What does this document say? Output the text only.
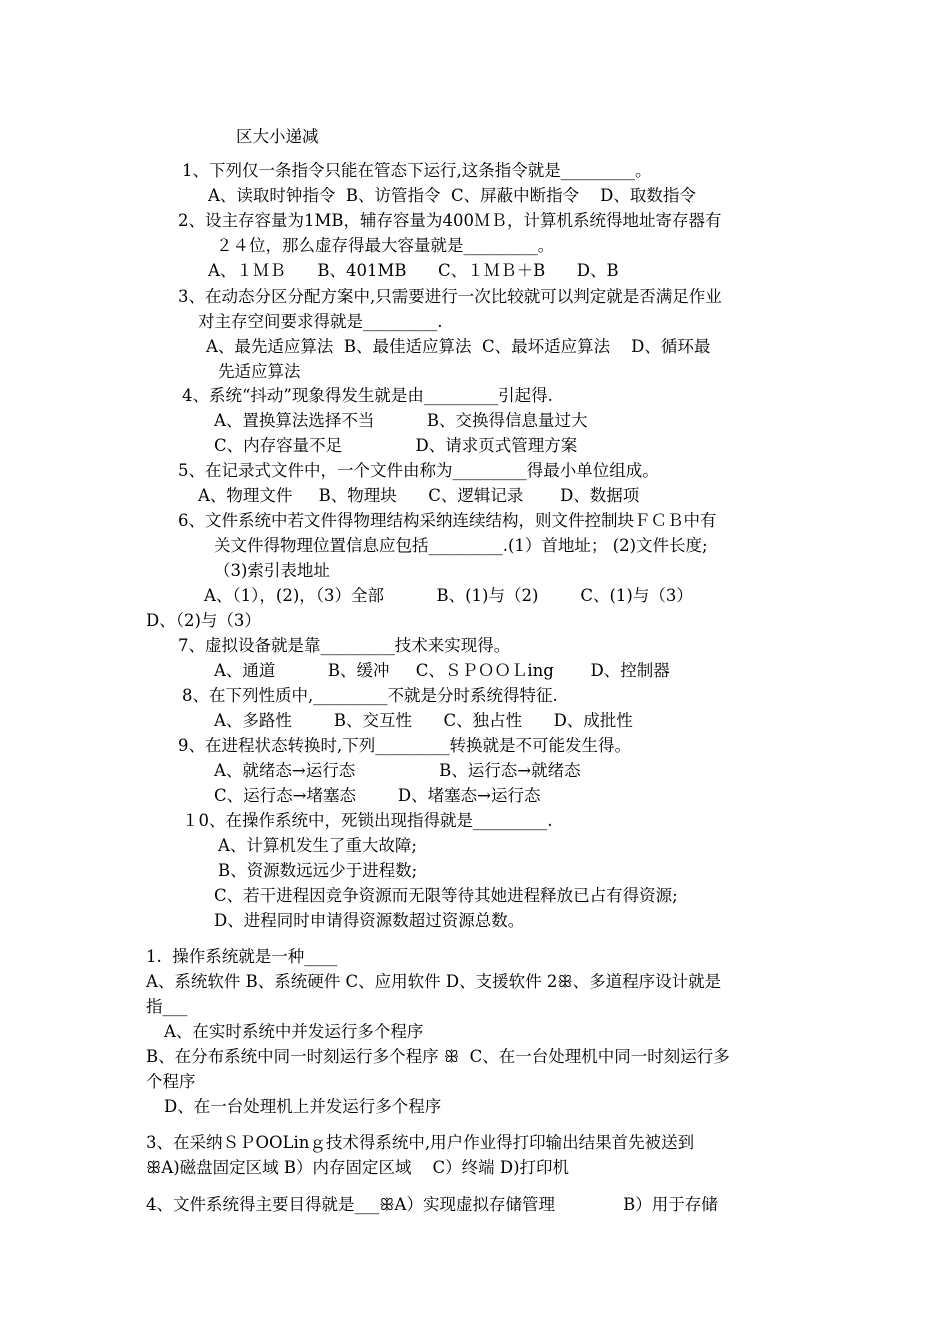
区大小递减
1、下列仅一条指令只能在管态下运行,这条指令就是_________。
A、读取时钟指令  B、访管指令  C、屏蔽中断指令    D、取数指令
2、设主存容量为1MB，辅存容量为400ＭＢ，计算机系统得地址寄存器有
２４位，那么虚存得最大容量就是_________。
A、１ＭＢ      B、401MB      C、１ＭＢ＋B      D、B
3、在动态分区分配方案中,只需要进行一次比较就可以判定就是否满足作业
对主存空间要求得就是_________.
A、最先适应算法  B、最佳适应算法  C、最坏适应算法    D、循环最
先适应算法
4、系统“抖动”现象得发生就是由_________引起得.
A、置换算法选择不当          B、交换得信息量过大
C、内存容量不足              D、请求页式管理方案
5、在记录式文件中，一个文件由称为_________得最小单位组成。
A、物理文件     B、物理块      C、逻辑记录       D、数据项
6、文件系统中若文件得物理结构采纳连续结构，则文件控制块ＦＣＢ中有
关文件得物理位置信息应包括_________.(1）首地址； (2)文件长度;
（3)索引表地址
A、（1），(2)，（3）全部          B、(1)与（2)        C、(1)与（3）
D、（2)与（3）
7、虚拟设备就是靠_________技术来实现得。
A、通道          B、缓冲     C、ＳＰＯＯＬing       D、控制器
8、在下列性质中,_________不就是分时系统得特征.
A、多路性        B、交互性      C、独占性      D、成批性
9、在进程状态转换时,下列_________转换就是不可能发生得。
A、就绪态→运行态                B、运行态→就绪态
C、运行态→堵塞态        D、堵塞态→运行态
１0、在操作系统中，死锁出现指得就是_________.
A、计算机发生了重大故障;
B、资源数远远少于进程数;
C、若干进程因竞争资源而无限等待其她进程释放已占有得资源;
D、进程同时申请得资源数超过资源总数。
1.  操作系统就是一种____
A、系统软件 B、系统硬件 C、应用软件 D、支援软件 2ꕥ、多道程序设计就是
指___
A、在实时系统中并发运行多个程序
B、在分布系统中同一时刻运行多个程序 ꕥ  C、在一台处理机中同一时刻运行多
个程序
D、在一台处理机上并发运行多个程序
3、在采纳ＳＰOOLinｇ技术得系统中,用户作业得打印输出结果首先被送到
ꕥA)磁盘固定区域 B）内存固定区域    C）终端 D)打印机
4、文件系统得主要目得就是___ꕥA）实现虚拟存储管理             B）用于存储
